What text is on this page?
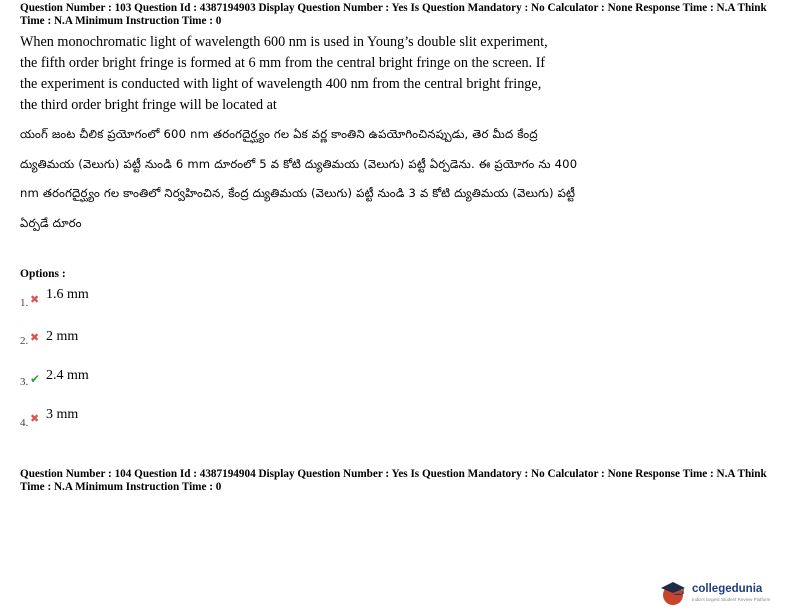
Question Number : 103 Question Id : 4387194903 Display Question Number : Yes Is Question Mandatory : No Calculator : None Response Time : N.A Think Time : N.A Minimum Instruction Time : 0
When monochromatic light of wavelength 600 nm is used in Young’s double slit experiment, the fifth order bright fringe is formed at 6 mm from the central bright fringe on the screen. If the experiment is conducted with light of wavelength 400 nm from the central bright fringe, the third order bright fringe will be located at
యంగ్ జంట చీలిక ప్రయోగంలో 600 nm తరంగదైర్ఘ్యం గల ఏక వర్ణ కాంతిని ఉపయోగించినప్పుడు, తెర మీద కేంద్ర ద్యుతిమయ (వెలుగు) పట్టీ నుండి 6 mm దూరంలో 5 వ కోటి ద్యుతిమయ (వెలుగు) పట్టీ ఏర్పడెను. ఈ ప్రయోగం ను 400 nm తరంగదైర్ఘ్యం గల కాంతిలో నిర్వహించిన, కేంద్ర ద్యుతిమయ (వెలుగు) పట్టీ నుండి 3 వ కోటి ద్యుతిమయ (వెలుగు) పట్టీ ఏర్పడే దూరం
Options :
1. ✖ 1.6 mm
2. ✖ 2 mm
3. ✔ 2.4 mm
4. ✖ 3 mm
Question Number : 104 Question Id : 4387194904 Display Question Number : Yes Is Question Mandatory : No Calculator : None Response Time : N.A Think Time : N.A Minimum Instruction Time : 0
collegedunia
India's largest Student Review Platform
